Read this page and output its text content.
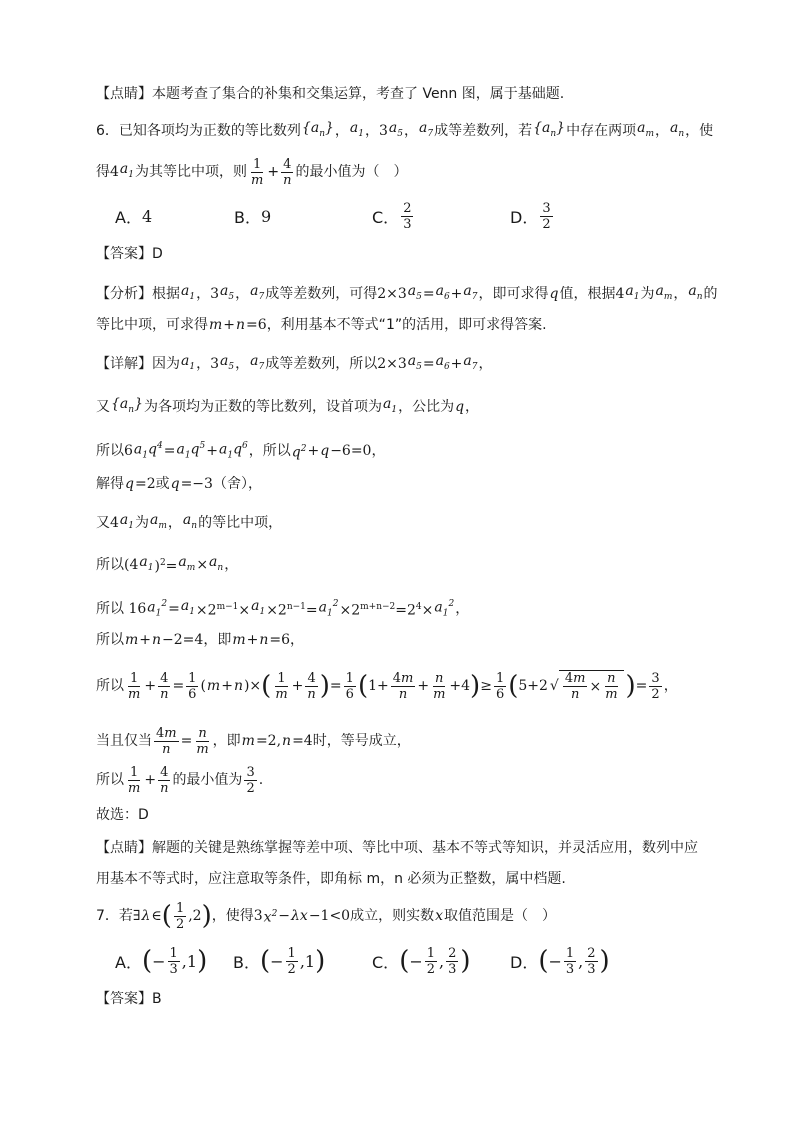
【点睛】 本题考查了集合的补集和交集运算，考查了 Venn 图，属于基础题.
6． 已知各项均为正数的等比数列 $\{a_n\}$ ， $a_1$ ， 3 $a_5$ ， $a_7$ 成等差数列，若 $\{a_n\}$ 中存在两项 $a_m$ ， $a_n$ ，使
得 4 $a_1$ 为其等比中项，则 $\frac{1}{m} + \frac{4}{n}$ 的最小值为（　）
A． 4	B． 9	C． $\frac{2}{3}$	D． $\frac{3}{2}$
【答案】 D
【分析】 根据 $a_1$ ， 3 $a_5$ ， $a_7$ 成等差数列，可得 2×3 $a_5 = a_6 + a_7$ ，即可求得 q 值，根据 4 $a_1$ 为 $a_m$ ， $a_n$ 的
等比中项，可求得 m + n =6 ，利用基本不等式“1”的活用，即可求得答案.
【详解】 因为 $a_1$ ， 3 $a_5$ ， $a_7$ 成等差数列，所以 2×3 $a_5 = a_6 + a_7$ ，
又 $\{a_n\}$ 为各项均为正数的等比数列，设首项为 $a_1$ ，公比为 q ，
所以 6 $a_1q^4 = a_1q^5 + a_1q^6$ ，所以 $q^2 + q -6=0$ ，
解得 q =2 或 q =−3 （舍），
又 4 $a_1$ 为 $a_m$ ， $a_n$ 的等比中项，
所以 (4 $a_1$ )$^2= a_m \times a_n$ ，
所以 16 $a_1^2 = a_1 \times 2^{m-1}\times a_1 \times 2^{n-1}= a_1^2 \times 2^{m+n-2}=2^4\times a_1^2$ ，
所以 m + n −2=4 ，即 m + n =6 ，
所以 $\frac{1}{m} + \frac{4}{n} = \frac{1}{6}$ ( m + n )× ( $\frac{1}{m} + \frac{4}{n}$ ) = $\frac{1}{6}$ ( $1+ \frac{4m}{n} + \frac{n}{m} +4$ ) ≥ $\frac{1}{6}$ ( 5+2 √ $\frac{4m}{n} \times \frac{n}{m}$ ) = $\frac{3}{2}$ ，
当且仅当 $\frac{4m}{n} = \frac{n}{m}$ ，即 m =2, n =4 时，等号成立，
所以 $\frac{1}{m} + \frac{4}{n}$ 的最小值为 $\frac{3}{2}$ .
故选：D
【点睛】 解题的关键是熟练掌握等差中项、等比中项、基本不等式等知识，并灵活应用，数列中应
用基本不等式时，应注意取等条件，即角标 m，n 必须为正整数，属中档题.
7． 若 ∃ λ ∈ ( $\frac{1}{2} ,2$ ) ，使得 3 $x^2 - \lambda x -1<0$ 成立，则实数 x 取值范围是（　）
A． ( − $\frac{1}{3} ,1$ ) B． ( − $\frac{1}{2} ,1$ )	C． ( − $\frac{1}{2}$ , $\frac{2}{3}$ ) D． ( − $\frac{1}{3}$ , $\frac{2}{3}$ )
【答案】 B
